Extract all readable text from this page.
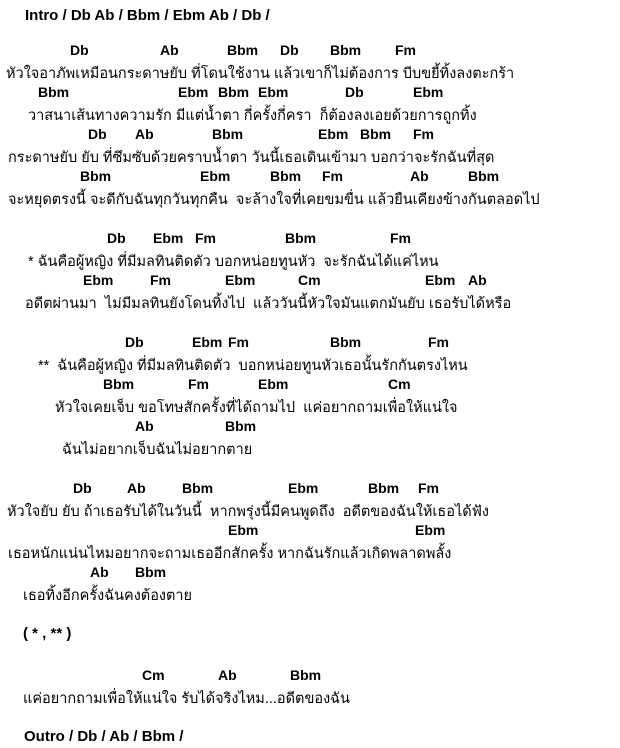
Intro / Db Ab / Bbm / Ebm Ab / Db /
Db	Ab	Bbm Db Bbm Fm
หัวใจอาภัพเหมือนกระดาษยับ ที่โดนใช้งาน แล้วเขาก็ไม่ต้องการ บีบขยี้ทิ้งลงตะกร้า
Bbm	Ebm Bbm Ebm	Db	Ebm
วาสนาเส้นทางความรัก มีแต่น้ำตา กี่ครั้งกี่ครา  ก็ต้องลงเอยด้วยการถูกทิ้ง
Db Ab	Bbm	Ebm Bbm Fm
กระดาษยับ ยับ ที่ซึมซับด้วยคราบน้ำตา วันนี้เธอเดินเข้ามา บอกว่าจะรักฉันที่สุด
Bbm	Ebm	Bbm Fm	Ab	Bbm
จะหยุดตรงนี้ จะดีกับฉันทุกวันทุกคืน  จะล้างใจที่เคยขมขื่น แล้วยืนเคียงข้างกันตลอดไป
Db Ebm Fm	Bbm	Fm
* ฉันคือผู้หญิง ที่มีมลทินติดตัว บอกหน่อยทูนหัว  จะรักฉันได้แค่ไหน
Ebm	Fm	Ebm	Cm	Ebm Ab
อดีตผ่านมา  ไม่มีมลทินยังโดนทิ้งไป  แล้ววันนี้หัวใจมันแตกมันยับ เธอรับได้หรือ
Db	Ebm Fm	Bbm	Fm
**  ฉันคือผู้หญิง ที่มีมลทินติดตัว  บอกหน่อยทูนหัวเธอนั้นรักกันตรงไหน
Bbm	Fm	Ebm	Cm
หัวใจเคยเจ็บ ขอโทษสักครั้งที่ได้ถามไป  แค่อยากถามเพื่อให้แน่ใจ
Ab	Bbm
ฉันไม่อยากเจ็บฉันไม่อยากตาย
Db	Ab	Bbm	Ebm	Bbm Fm
หัวใจยับ ยับ ถ้าเธอรับได้ในวันนี้  หากพรุ่งนี้มีคนพูดถึง  อดีตของฉันให้เธอได้ฟัง
Ebm	Ebm
เธอหนักแน่นไหมอยากจะถามเธออีกสักครั้ง หากฉันรักแล้วเกิดพลาดพลั้ง
Ab Bbm
เธอทิ้งอีกครั้งฉันคงต้องตาย
( * , ** )
Cm	Ab	Bbm
แค่อยากถามเพื่อให้แน่ใจ รับได้จริงไหม...อดีตของฉัน
Outro / Db / Ab / Bbm /
